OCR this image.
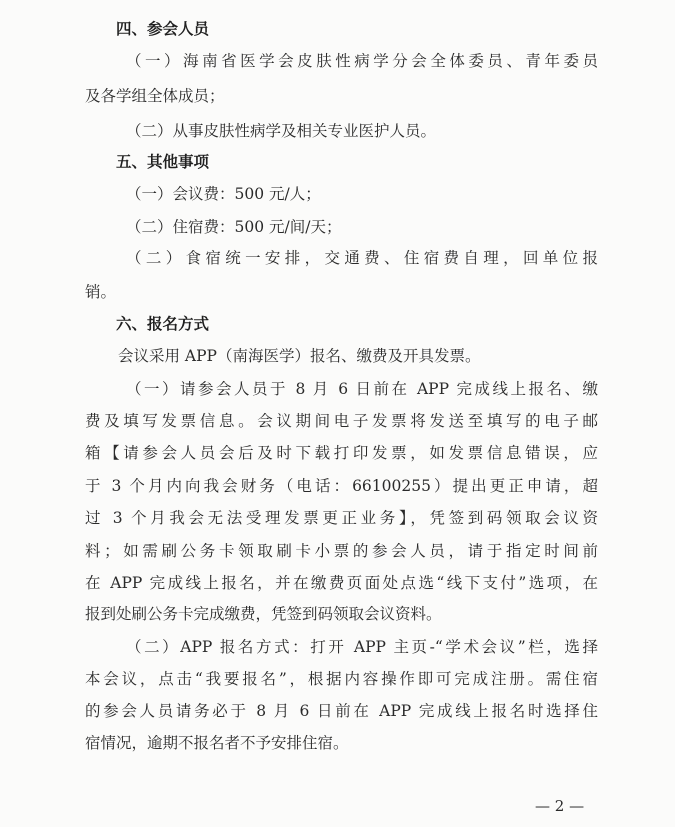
四、参会人员
（一）海南省医学会皮肤性病学分会全体委员、青年委员
及各学组全体成员；
（二）从事皮肤性病学及相关专业医护人员。
五、其他事项
（一）会议费：500 元/人；
（二）住宿费：500 元/间/天；
（二）食宿统一安排，交通费、住宿费自理，回单位报
销。
六、报名方式
会议采用 APP（南海医学）报名、缴费及开具发票。
（一）请参会人员于 8 月 6 日前在 APP 完成线上报名、缴
费及填写发票信息。会议期间电子发票将发送至填写的电子邮
箱【请参会人员会后及时下载打印发票，如发票信息错误，应
于 3 个月内向我会财务（电话：66100255）提出更正申请，超
过 3 个月我会无法受理发票更正业务】，凭签到码领取会议资
料；如需刷公务卡领取刷卡小票的参会人员，请于指定时间前
在 APP 完成线上报名，并在缴费页面处点选“线下支付”选项，在
报到处刷公务卡完成缴费，凭签到码领取会议资料。
（二）APP 报名方式：打开 APP 主页-“学术会议”栏，选择
本会议，点击“我要报名”，根据内容操作即可完成注册。需住宿
的参会人员请务必于 8 月 6 日前在 APP 完成线上报名时选择住
宿情况，逾期不报名者不予安排住宿。
— 2 —
